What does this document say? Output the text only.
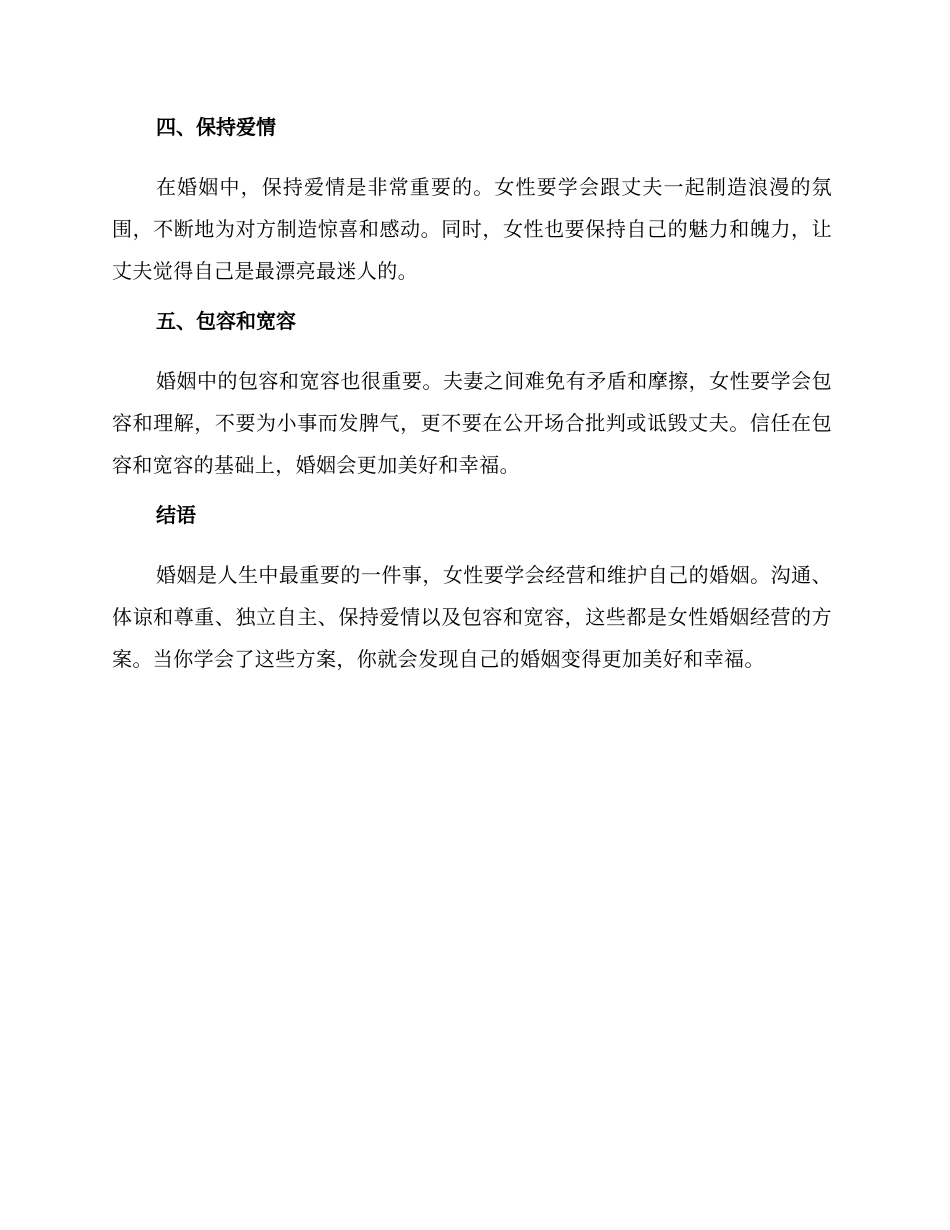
四、保持爱情

在婚姻中，保持爱情是非常重要的。女性要学会跟丈夫一起制造浪漫的氛围，不断地为对方制造惊喜和感动。同时，女性也要保持自己的魅力和魄力，让丈夫觉得自己是最漂亮最迷人的。

五、包容和宽容

婚姻中的包容和宽容也很重要。夫妻之间难免有矛盾和摩擦，女性要学会包容和理解，不要为小事而发脾气，更不要在公开场合批判或诋毁丈夫。信任在包容和宽容的基础上，婚姻会更加美好和幸福。

结语

婚姻是人生中最重要的一件事，女性要学会经营和维护自己的婚姻。沟通、体谅和尊重、独立自主、保持爱情以及包容和宽容，这些都是女性婚姻经营的方案。当你学会了这些方案，你就会发现自己的婚姻变得更加美好和幸福。
